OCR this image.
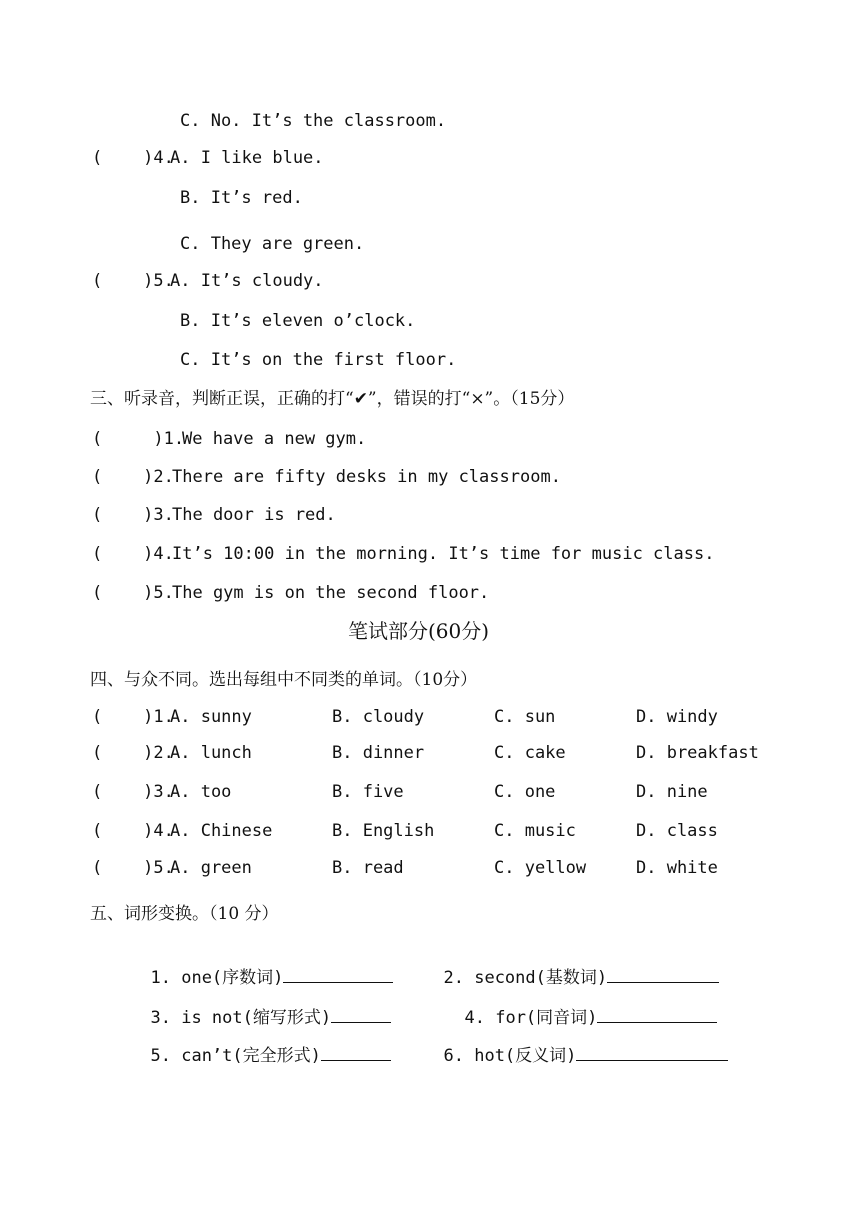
C. No. It’s the classroom.
(    )4.
A. I like blue.
B. It’s red.
C. They are green.
(    )5.
A. It’s cloudy.
B. It’s eleven o’clock.
C. It’s on the first floor.
三、听录音，判断正误，正确的打“✔”，错误的打“×”。（15分）
(     )1.
We have a new gym.
(    )2.
There are fifty desks in my classroom.
(    )3.
The door is red.
(    )4.
It’s 10:00 in the morning. It’s time for music class.
(    )5.
The gym is on the second floor.
笔试部分(60分)
四、与众不同。选出每组中不同类的单词。（10分）
(    )1.
A. sunny	B. cloudy	C. sun	D. windy
(    )2.
A. lunch	B. dinner	C. cake	D. breakfast
(    )3.
A. too	B. five	C. one	D. nine
(    )4.
A. Chinese	B. English	C. music	D. class
(    )5.
A. green	B. read	C. yellow	D. white
五、词形变换。（10 分）

1. one(序数词)	2. second(基数词)

3. is not(缩写形式)	4. for(同音词)

5. can’t(完全形式)	6. hot(反义词)
